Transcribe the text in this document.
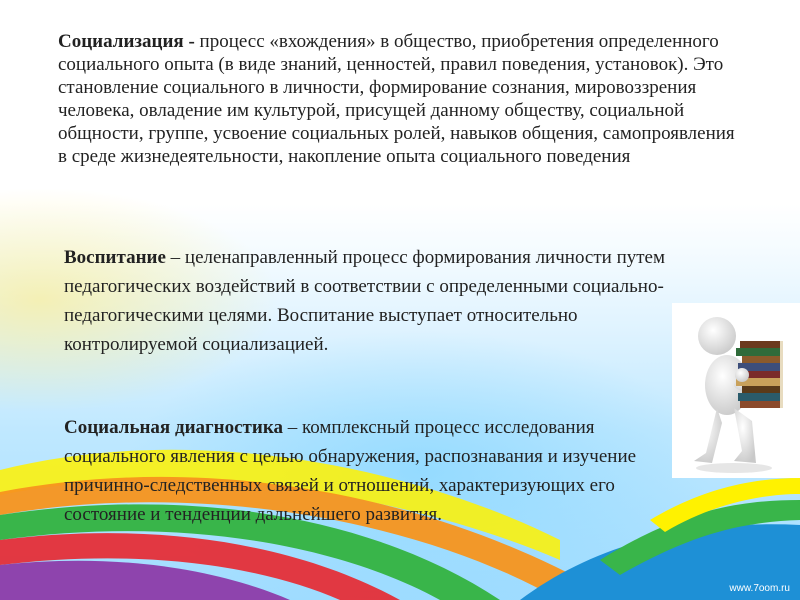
Социализация - процесс «вхождения» в общество, приобретения определенного социального опыта (в виде знаний, ценностей, правил поведения, установок). Это становление социального в личности, формирование сознания, мировоззрения человека, овладение им культурой, присущей данному обществу, социальной общности, группе, усвоение социальных ролей, навыков общения, самопроявления в среде жизнедеятельности, накопление опыта социального поведения
Воспитание – целенаправленный процесс формирования личности путем педагогических воздействий в соответствии с определенными социально-педагогическими целями. Воспитание выступает относительно контролируемой социализацией.
Социальная диагностика – комплексный процесс исследования социального явления с целью обнаружения, распознавания и изучение причинно-следственных связей и отношений, характеризующих его состояние и тенденции дальнейшего развития.
www.7oom.ru
